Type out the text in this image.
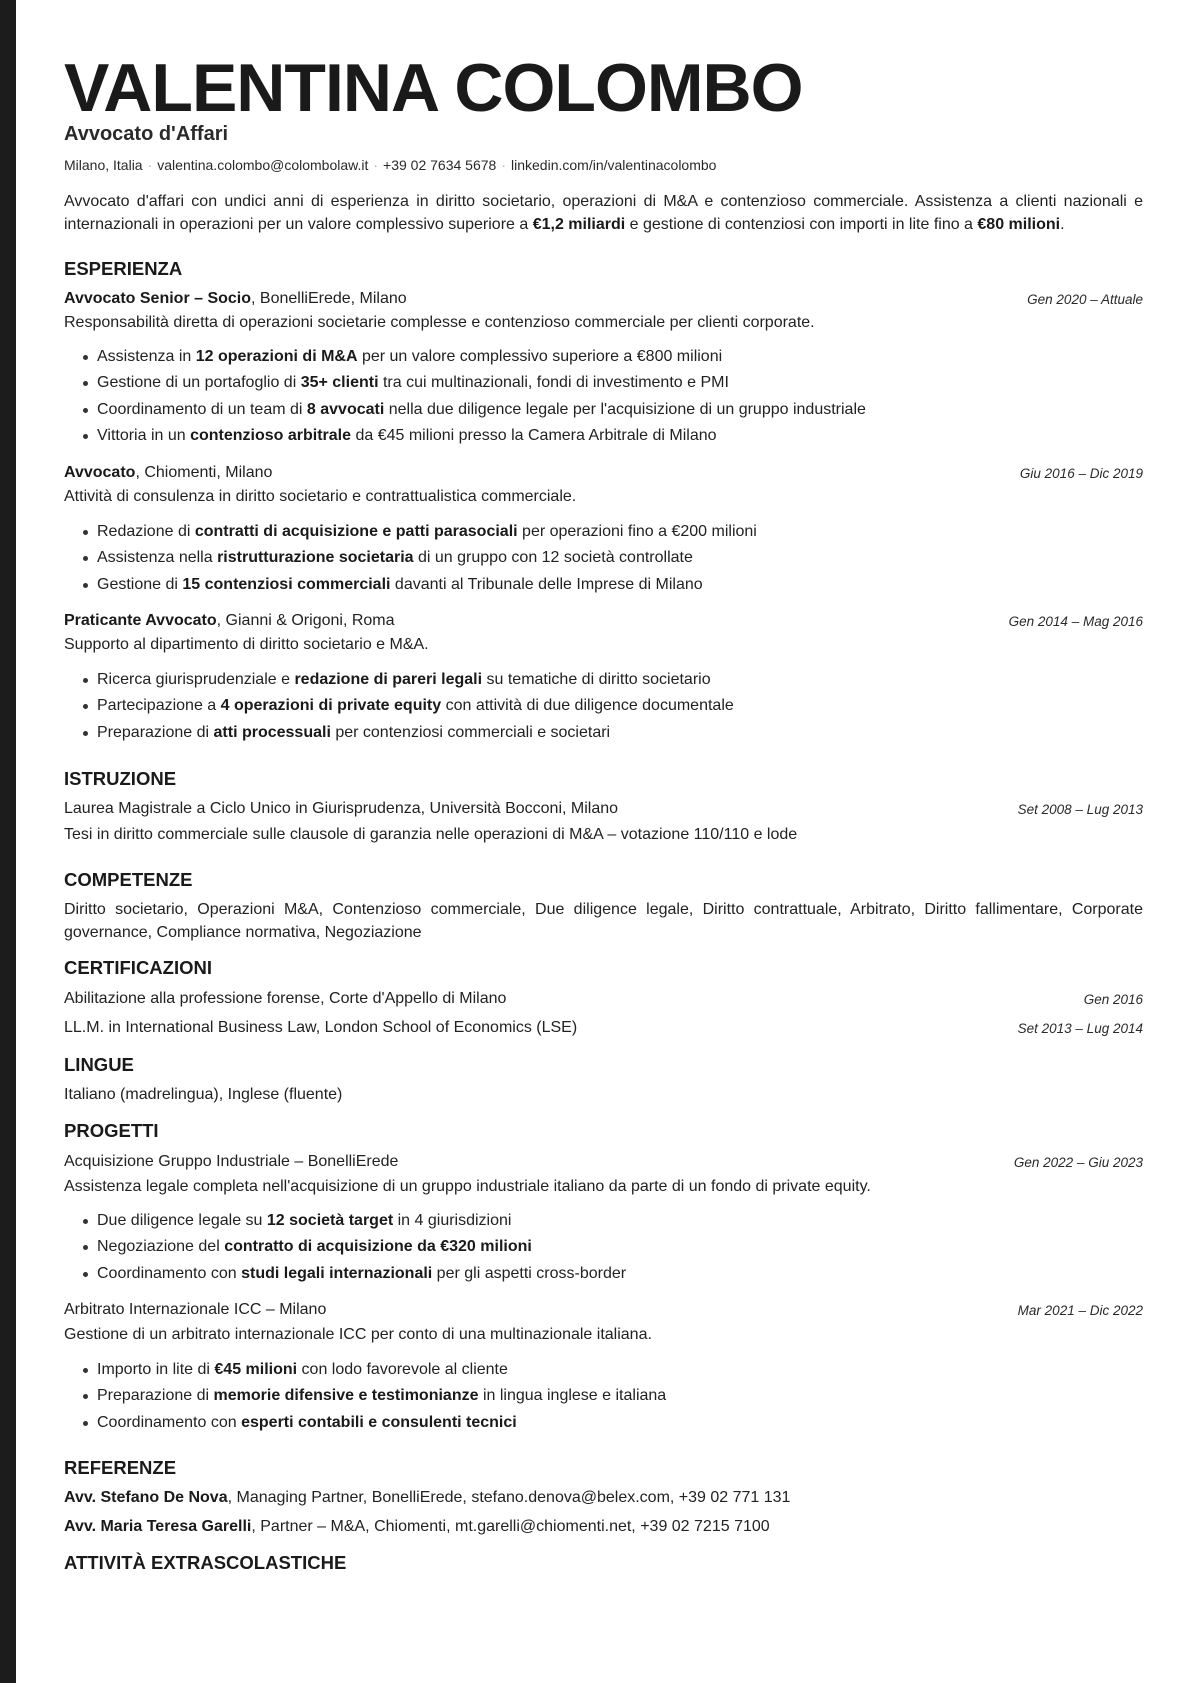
VALENTINA COLOMBO
Avvocato d'Affari
Milano, Italia · valentina.colombo@colombolaw.it · +39 02 7634 5678 · linkedin.com/in/valentinacolombo

Avvocato d'affari con undici anni di esperienza in diritto societario, operazioni di M&A e contenzioso commerciale. Assistenza a clienti nazionali e internazionali in operazioni per un valore complessivo superiore a €1,2 miliardi e gestione di contenziosi con importi in lite fino a €80 milioni.

ESPERIENZA
Avvocato Senior – Socio, BonelliErede, Milano	Gen 2020 – Attuale
Responsabilità diretta di operazioni societarie complesse e contenzioso commerciale per clienti corporate.
Assistenza in 12 operazioni di M&A per un valore complessivo superiore a €800 milioni
Gestione di un portafoglio di 35+ clienti tra cui multinazionali, fondi di investimento e PMI
Coordinamento di un team di 8 avvocati nella due diligence legale per l'acquisizione di un gruppo industriale
Vittoria in un contenzioso arbitrale da €45 milioni presso la Camera Arbitrale di Milano
Avvocato, Chiomenti, Milano	Giu 2016 – Dic 2019
Attività di consulenza in diritto societario e contrattualistica commerciale.
Redazione di contratti di acquisizione e patti parasociali per operazioni fino a €200 milioni
Assistenza nella ristrutturazione societaria di un gruppo con 12 società controllate
Gestione di 15 contenziosi commerciali davanti al Tribunale delle Imprese di Milano
Praticante Avvocato, Gianni & Origoni, Roma	Gen 2014 – Mag 2016
Supporto al dipartimento di diritto societario e M&A.
Ricerca giurisprudenziale e redazione di pareri legali su tematiche di diritto societario
Partecipazione a 4 operazioni di private equity con attività di due diligence documentale
Preparazione di atti processuali per contenziosi commerciali e societari
ISTRUZIONE
Laurea Magistrale a Ciclo Unico in Giurisprudenza, Università Bocconi, Milano	Set 2008 – Lug 2013
Tesi in diritto commerciale sulle clausole di garanzia nelle operazioni di M&A – votazione 110/110 e lode
COMPETENZE

Diritto societario, Operazioni M&A, Contenzioso commerciale, Due diligence legale, Diritto contrattuale, Arbitrato, Diritto fallimentare, Corporate governance, Compliance normativa, Negoziazione

CERTIFICAZIONI
Abilitazione alla professione forense, Corte d'Appello di Milano	Gen 2016
LL.M. in International Business Law, London School of Economics (LSE)	Set 2013 – Lug 2014
LINGUE
Italiano (madrelingua), Inglese (fluente)
PROGETTI
Acquisizione Gruppo Industriale – BonelliErede	Gen 2022 – Giu 2023
Assistenza legale completa nell'acquisizione di un gruppo industriale italiano da parte di un fondo di private equity.
Due diligence legale su 12 società target in 4 giurisdizioni
Negoziazione del contratto di acquisizione da €320 milioni
Coordinamento con studi legali internazionali per gli aspetti cross-border
Arbitrato Internazionale ICC – Milano	Mar 2021 – Dic 2022
Gestione di un arbitrato internazionale ICC per conto di una multinazionale italiana.
Importo in lite di €45 milioni con lodo favorevole al cliente
Preparazione di memorie difensive e testimonianze in lingua inglese e italiana
Coordinamento con esperti contabili e consulenti tecnici
REFERENZE
Avv. Stefano De Nova, Managing Partner, BonelliErede, stefano.denova@belex.com, +39 02 771 131
Avv. Maria Teresa Garelli, Partner – M&A, Chiomenti, mt.garelli@chiomenti.net, +39 02 7215 7100
ATTIVITÀ EXTRASCOLASTICHE
